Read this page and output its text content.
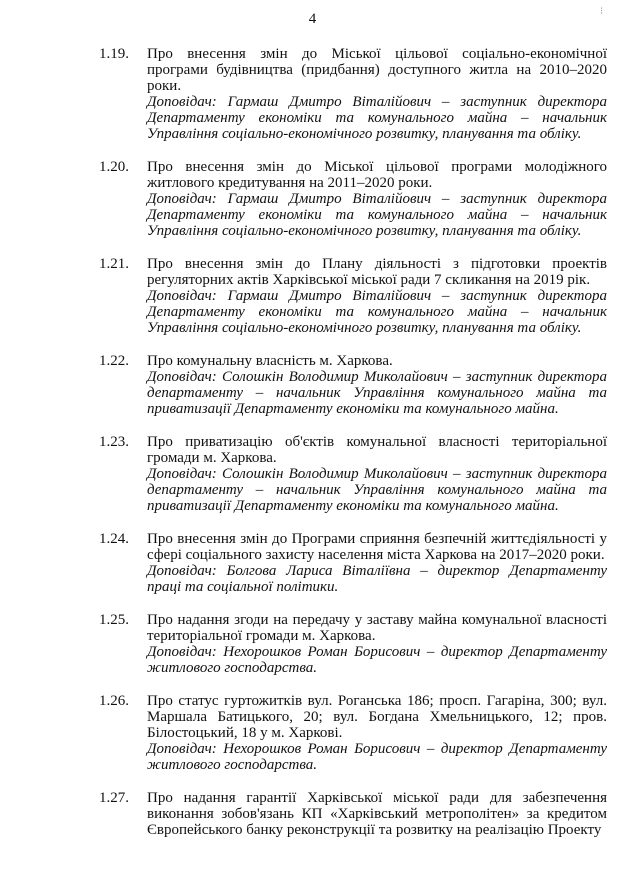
4	⁝
1.19. Про внесення змін до Міської цільової соціально-економічної програми будівництва (придбання) доступного житла на 2010–2020 роки.
Доповідач: Гармаш Дмитро Віталійович – заступник директора Департаменту економіки та комунального майна – начальник Управління соціально-економічного розвитку, планування та обліку.
1.20. Про внесення змін до Міської цільової програми молодіжного житлового кредитування на 2011–2020 роки.
Доповідач: Гармаш Дмитро Віталійович – заступник директора Департаменту економіки та комунального майна – начальник Управління соціально-економічного розвитку, планування та обліку.
1.21. Про внесення змін до Плану діяльності з підготовки проектів регуляторних актів Харківської міської ради 7 скликання на 2019 рік.
Доповідач: Гармаш Дмитро Віталійович – заступник директора Департаменту економіки та комунального майна – начальник Управління соціально-економічного розвитку, планування та обліку.
1.22. Про комунальну власність м. Харкова.
Доповідач: Солошкін Володимир Миколайович – заступник директора департаменту – начальник Управління комунального майна та приватизації Департаменту економіки та комунального майна.
1.23. Про приватизацію об'єктів комунальної власності територіальної громади м. Харкова.
Доповідач: Солошкін Володимир Миколайович – заступник директора департаменту – начальник Управління комунального майна та приватизації Департаменту економіки та комунального майна.
1.24. Про внесення змін до Програми сприяння безпечній життєдіяльності у сфері соціального захисту населення міста Харкова на 2017–2020 роки.
Доповідач: Болгова Лариса Віталіївна – директор Департаменту праці та соціальної політики.
1.25. Про надання згоди на передачу у заставу майна комунальної власності територіальної громади м. Харкова.
Доповідач: Нехорошков Роман Борисович – директор Департаменту житлового господарства.
1.26. Про статус гуртожитків вул. Роганська 186; просп. Гагаріна, 300; вул. Маршала Батицького, 20; вул. Богдана Хмельницького, 12; пров. Білостоцький, 18 у м. Харкові.
Доповідач: Нехорошков Роман Борисович – директор Департаменту житлового господарства.
1.27. Про надання гарантії Харківської міської ради для забезпечення виконання зобов'язань КП «Харківський метрополітен» за кредитом Європейського банку реконструкції та розвитку на реалізацію Проекту
